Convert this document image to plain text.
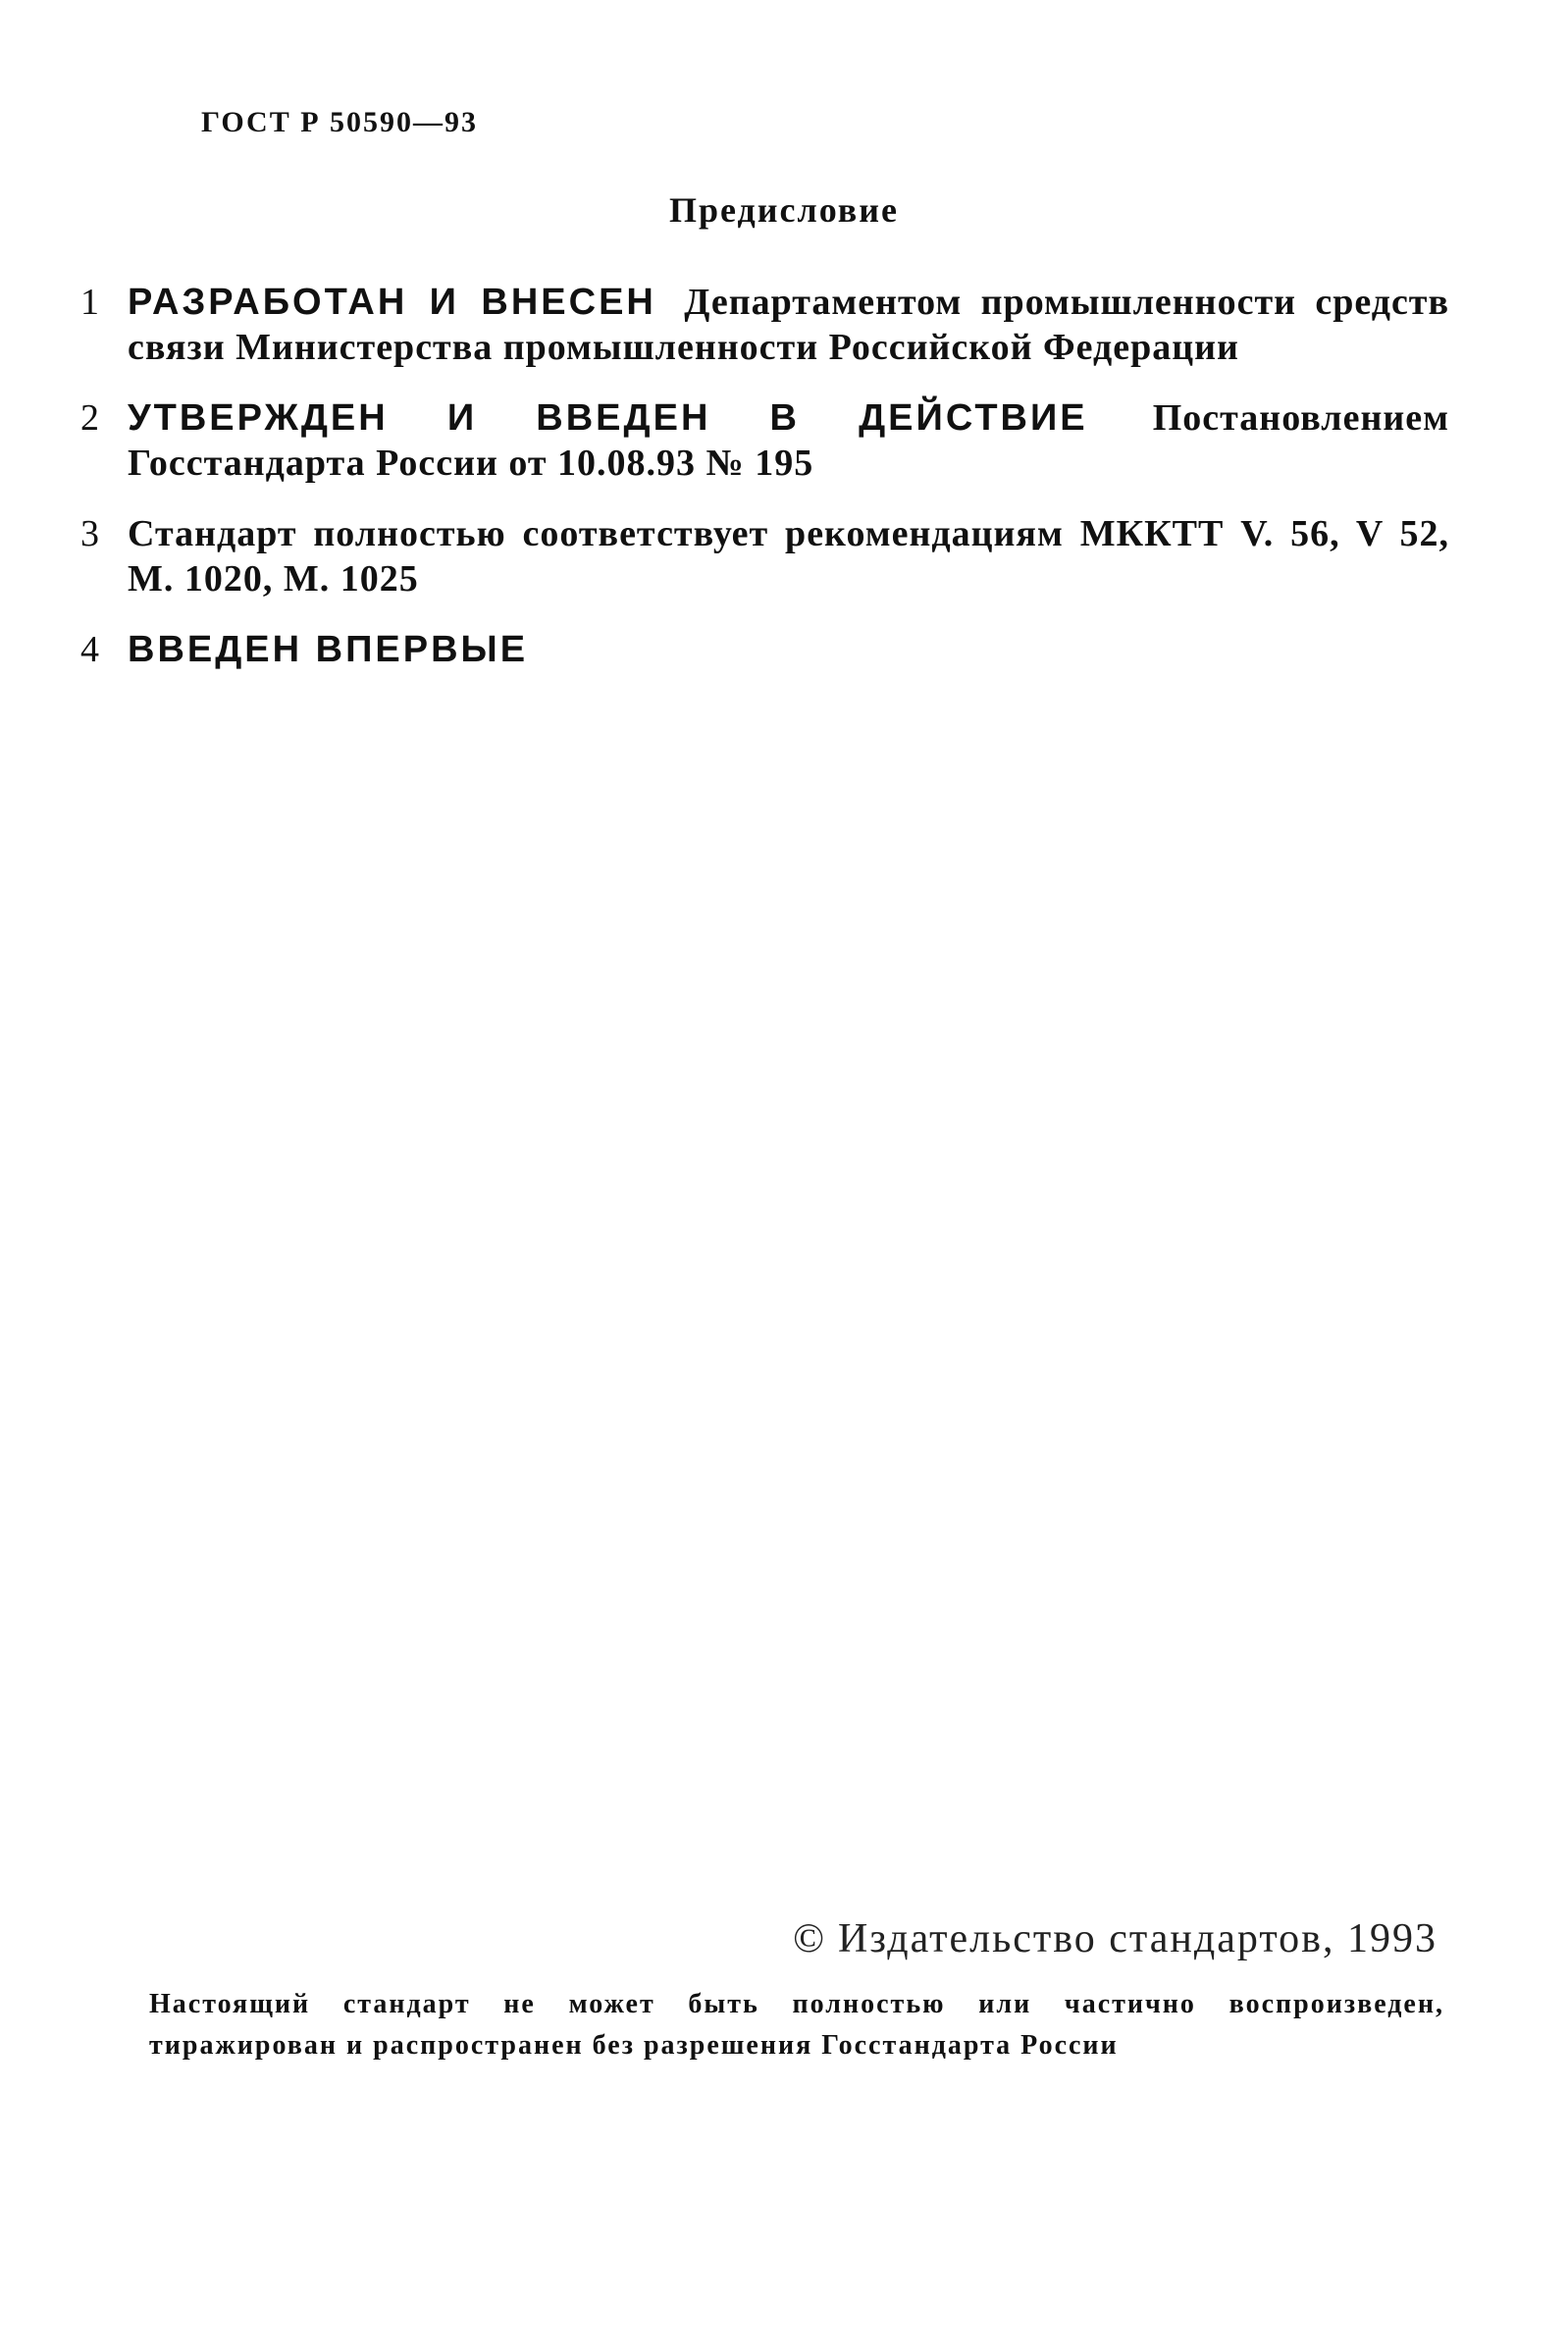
ГОСТ Р 50590—93
Предисловие
1 РАЗРАБОТАН И ВНЕСЕН Департаментом промышленности средств связи Министерства промышленности Российской Федерации
2 УТВЕРЖДЕН И ВВЕДЕН В ДЕЙСТВИЕ Постановлением Госстандарта России от 10.08.93 № 195
3 Стандарт полностью соответствует рекомендациям МККТТ V. 56, V 52, М. 1020, М. 1025
4 ВВЕДЕН ВПЕРВЫЕ
© Издательство стандартов, 1993
Настоящий стандарт не может быть полностью или частично воспроизведен, тиражирован и распространен без разрешения Госстандарта России
